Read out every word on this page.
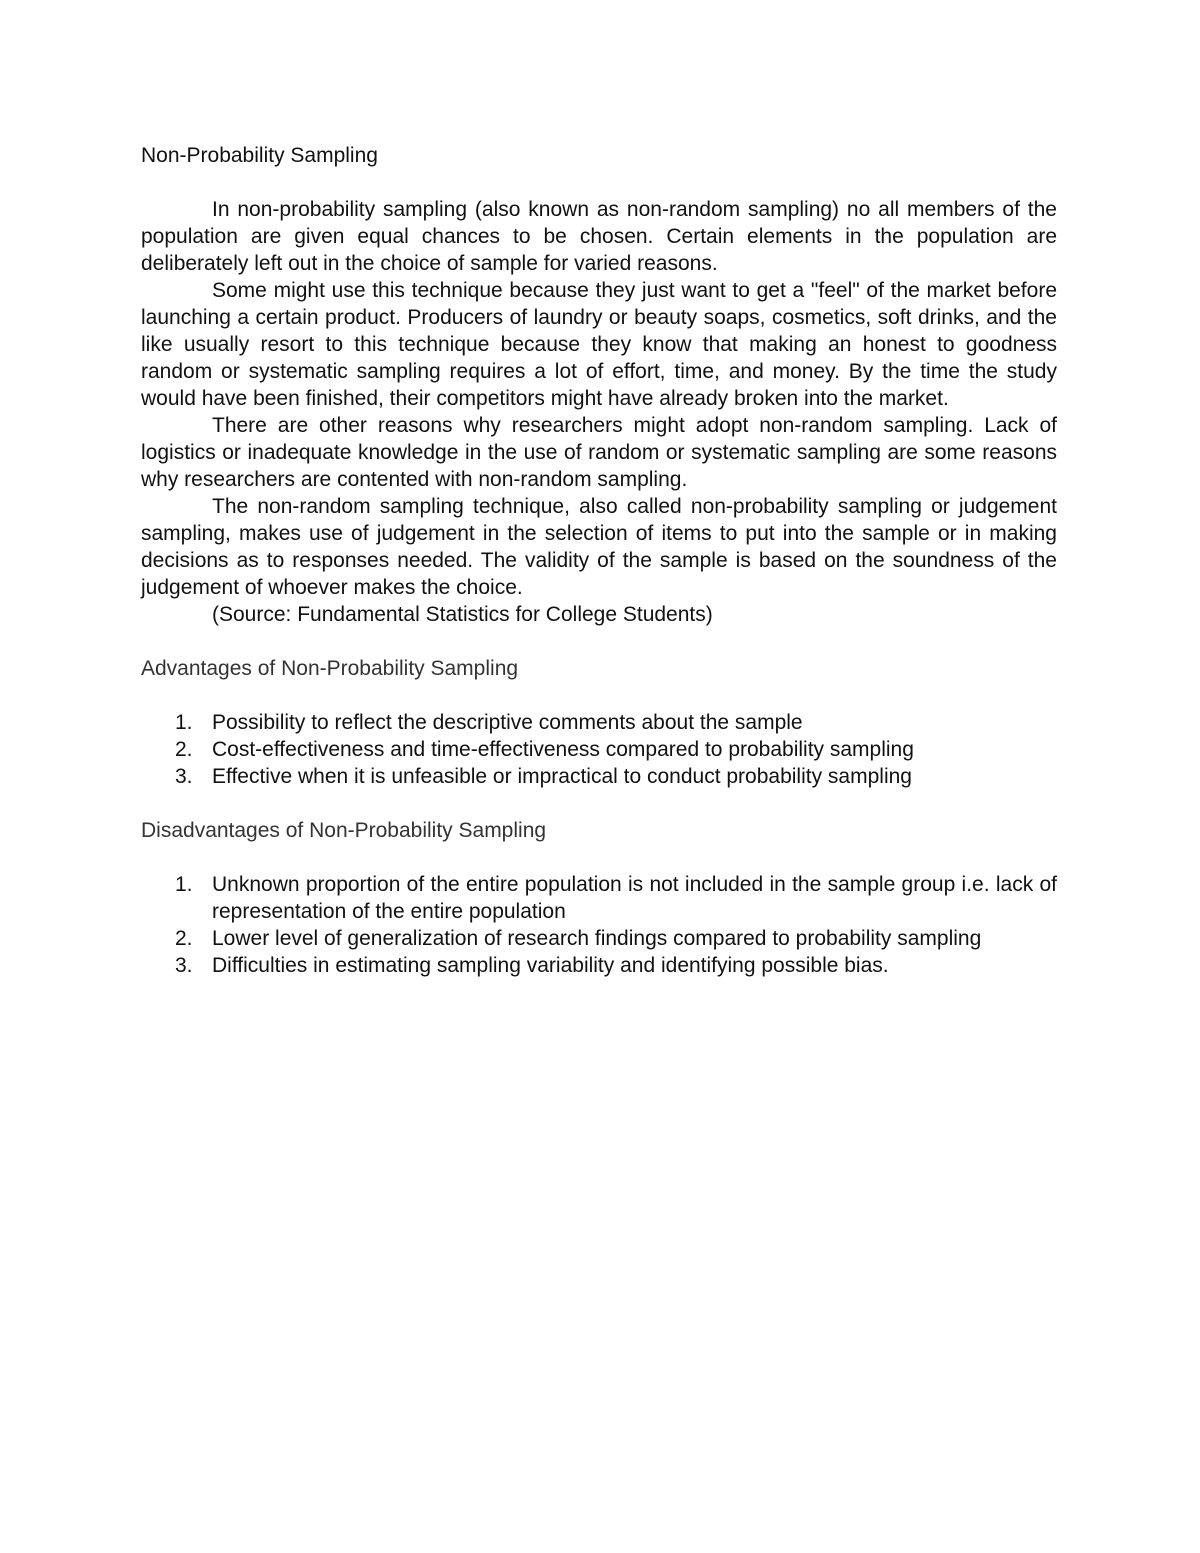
Non-Probability Sampling

In non-probability sampling (also known as non-random sampling) no all members of the population are given equal chances to be chosen. Certain elements in the population are deliberately left out in the choice of sample for varied reasons.

Some might use this technique because they just want to get a "feel" of the market before launching a certain product. Producers of laundry or beauty soaps, cosmetics, soft drinks, and the like usually resort to this technique because they know that making an honest to goodness random or systematic sampling requires a lot of effort, time, and money. By the time the study would have been finished, their competitors might have already broken into the market.

There are other reasons why researchers might adopt non-random sampling. Lack of logistics or inadequate knowledge in the use of random or systematic sampling are some reasons why researchers are contented with non-random sampling.

The non-random sampling technique, also called non-probability sampling or judgement sampling, makes use of judgement in the selection of items to put into the sample or in making decisions as to responses needed. The validity of the sample is based on the soundness of the judgement of whoever makes the choice.

(Source: Fundamental Statistics for College Students)

Advantages of Non-Probability Sampling
1. Possibility to reflect the descriptive comments about the sample
2. Cost-effectiveness and time-effectiveness compared to probability sampling
3. Effective when it is unfeasible or impractical to conduct probability sampling
Disadvantages of Non-Probability Sampling
1. Unknown proportion of the entire population is not included in the sample group i.e. lack of representation of the entire population
2. Lower level of generalization of research findings compared to probability sampling
3. Difficulties in estimating sampling variability and identifying possible bias.
